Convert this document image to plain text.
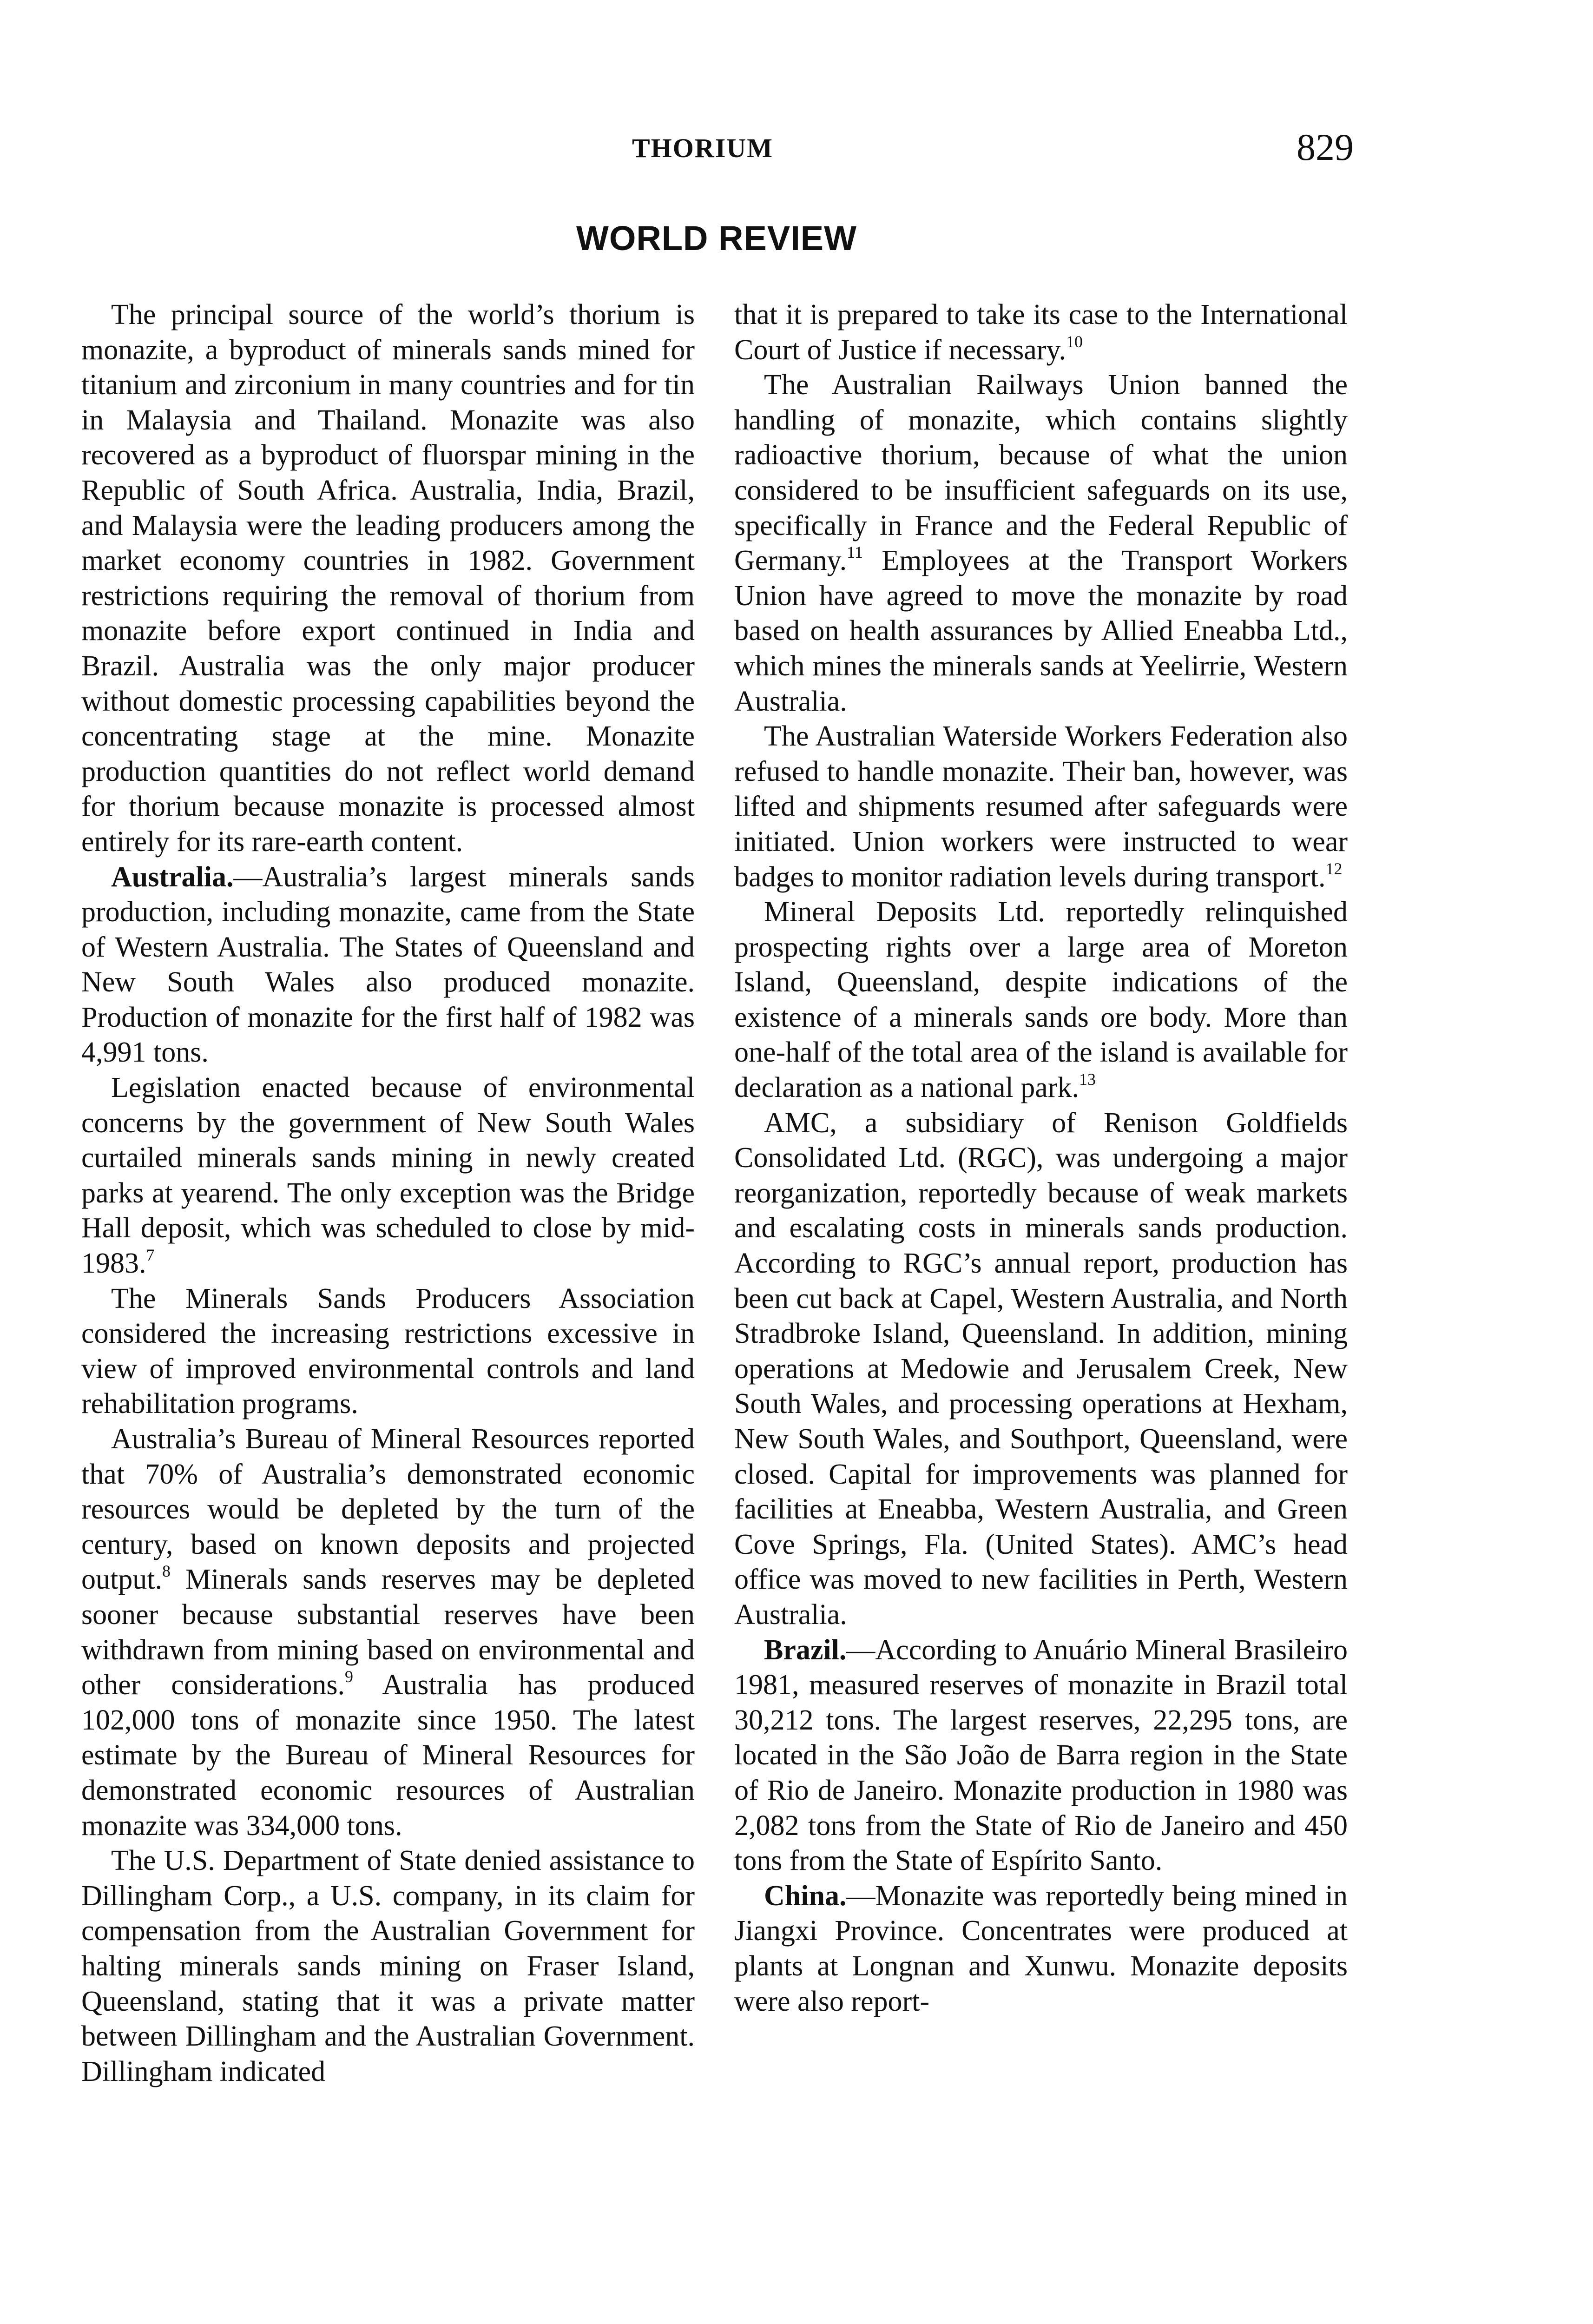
THORIUM	829
WORLD REVIEW

The principal source of the world’s thorium is monazite, a byproduct of minerals sands mined for titanium and zirconium in many countries and for tin in Malaysia and Thailand. Monazite was also recovered as a byproduct of fluorspar mining in the Republic of South Africa. Australia, India, Brazil, and Malaysia were the leading producers among the market economy countries in 1982. Government restrictions requiring the removal of thorium from monazite before export continued in India and Brazil. Australia was the only major producer without domestic processing capabilities beyond the concentrating stage at the mine. Monazite production quantities do not reflect world demand for thorium because monazite is processed almost entirely for its rare-earth content.

Australia.—Australia’s largest minerals sands production, including monazite, came from the State of Western Australia. The States of Queensland and New South Wales also produced monazite. Production of monazite for the first half of 1982 was 4,991 tons.

Legislation enacted because of environmental concerns by the government of New South Wales curtailed minerals sands mining in newly created parks at yearend. The only exception was the Bridge Hall deposit, which was scheduled to close by mid-1983.$^7$

The Minerals Sands Producers Association considered the increasing restrictions excessive in view of improved environmental controls and land rehabilitation programs.

Australia’s Bureau of Mineral Resources reported that 70% of Australia’s demonstrated economic resources would be depleted by the turn of the century, based on known deposits and projected output.$^8$ Minerals sands reserves may be depleted sooner because substantial reserves have been withdrawn from mining based on environmental and other considerations.$^9$ Australia has produced 102,000 tons of monazite since 1950. The latest estimate by the Bureau of Mineral Resources for demonstrated economic resources of Australian monazite was 334,000 tons.

The U.S. Department of State denied assistance to Dillingham Corp., a U.S. company, in its claim for compensation from the Australian Government for halting minerals sands mining on Fraser Island, Queensland, stating that it was a private matter between Dillingham and the Australian Government. Dillingham indicated

that it is prepared to take its case to the International Court of Justice if necessary.$^{10}$

The Australian Railways Union banned the handling of monazite, which contains slightly radioactive thorium, because of what the union considered to be insufficient safeguards on its use, specifically in France and the Federal Republic of Germany.$^{11}$ Employees at the Transport Workers Union have agreed to move the monazite by road based on health assurances by Allied Eneabba Ltd., which mines the minerals sands at Yeelirrie, Western Australia.

The Australian Waterside Workers Federation also refused to handle monazite. Their ban, however, was lifted and shipments resumed after safeguards were initiated. Union workers were instructed to wear badges to monitor radiation levels during transport.$^{12}$

Mineral Deposits Ltd. reportedly relinquished prospecting rights over a large area of Moreton Island, Queensland, despite indications of the existence of a minerals sands ore body. More than one-half of the total area of the island is available for declaration as a national park.$^{13}$

AMC, a subsidiary of Renison Goldfields Consolidated Ltd. (RGC), was undergoing a major reorganization, reportedly because of weak markets and escalating costs in minerals sands production. According to RGC’s annual report, production has been cut back at Capel, Western Australia, and North Stradbroke Island, Queensland. In addition, mining operations at Medowie and Jerusalem Creek, New South Wales, and processing operations at Hexham, New South Wales, and Southport, Queensland, were closed. Capital for improvements was planned for facilities at Eneabba, Western Australia, and Green Cove Springs, Fla. (United States). AMC’s head office was moved to new facilities in Perth, Western Australia.

Brazil.—According to Anuário Mineral Brasileiro 1981, measured reserves of monazite in Brazil total 30,212 tons. The largest reserves, 22,295 tons, are located in the São João de Barra region in the State of Rio de Janeiro. Monazite production in 1980 was 2,082 tons from the State of Rio de Janeiro and 450 tons from the State of Espírito Santo.

China.—Monazite was reportedly being mined in Jiangxi Province. Concentrates were produced at plants at Longnan and Xunwu. Monazite deposits were also report-
